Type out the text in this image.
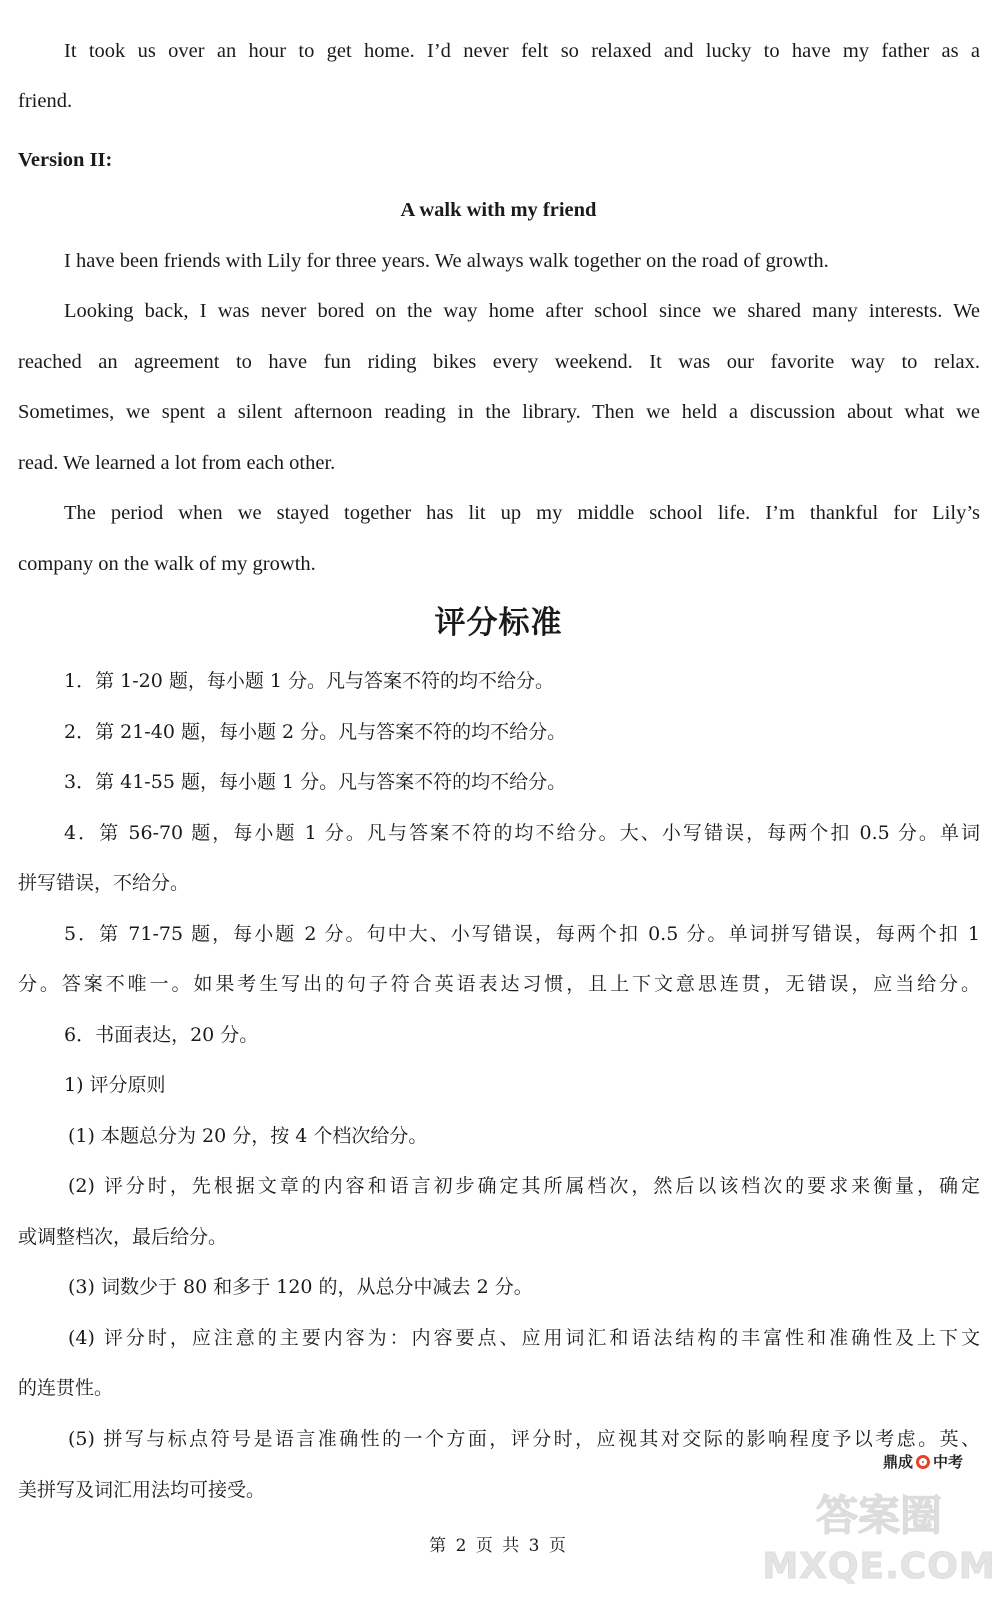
It took us over an hour to get home. I’d never felt so relaxed and lucky to have my father as a
friend.
Version II:
A walk with my friend
I have been friends with Lily for three years. We always walk together on the road of growth.
Looking back, I was never bored on the way home after school since we shared many interests. We
reached an agreement to have fun riding bikes every weekend. It was our favorite way to relax.
Sometimes, we spent a silent afternoon reading in the library. Then we held a discussion about what we
read. We learned a lot from each other.
The period when we stayed together has lit up my middle school life. I’m thankful for Lily’s
company on the walk of my growth.
评分标准
1．第 1-20 题，每小题 1 分。凡与答案不符的均不给分。
2．第 21-40 题，每小题 2 分。凡与答案不符的均不给分。
3．第 41-55 题，每小题 1 分。凡与答案不符的均不给分。
4．第 56-70 题，每小题 1 分。凡与答案不符的均不给分。大、小写错误，每两个扣 0.5 分。单词
拼写错误，不给分。
5．第 71-75 题，每小题 2 分。句中大、小写错误，每两个扣 0.5 分。单词拼写错误，每两个扣 1
分。答案不唯一。如果考生写出的句子符合英语表达习惯，且上下文意思连贯，无错误，应当给分。
6．书面表达，20 分。
1) 评分原则
(1) 本题总分为 20 分，按 4 个档次给分。
(2) 评分时，先根据文章的内容和语言初步确定其所属档次，然后以该档次的要求来衡量，确定
或调整档次，最后给分。
(3) 词数少于 80 和多于 120 的，从总分中减去 2 分。
(4) 评分时，应注意的主要内容为：内容要点、应用词汇和语法结构的丰富性和准确性及上下文
的连贯性。
(5) 拼写与标点符号是语言准确性的一个方面，评分时，应视其对交际的影响程度予以考虑。英、
美拼写及词汇用法均可接受。
鼎成 中考
第 2 页 共 3 页
答案圈
MXQE.COM
